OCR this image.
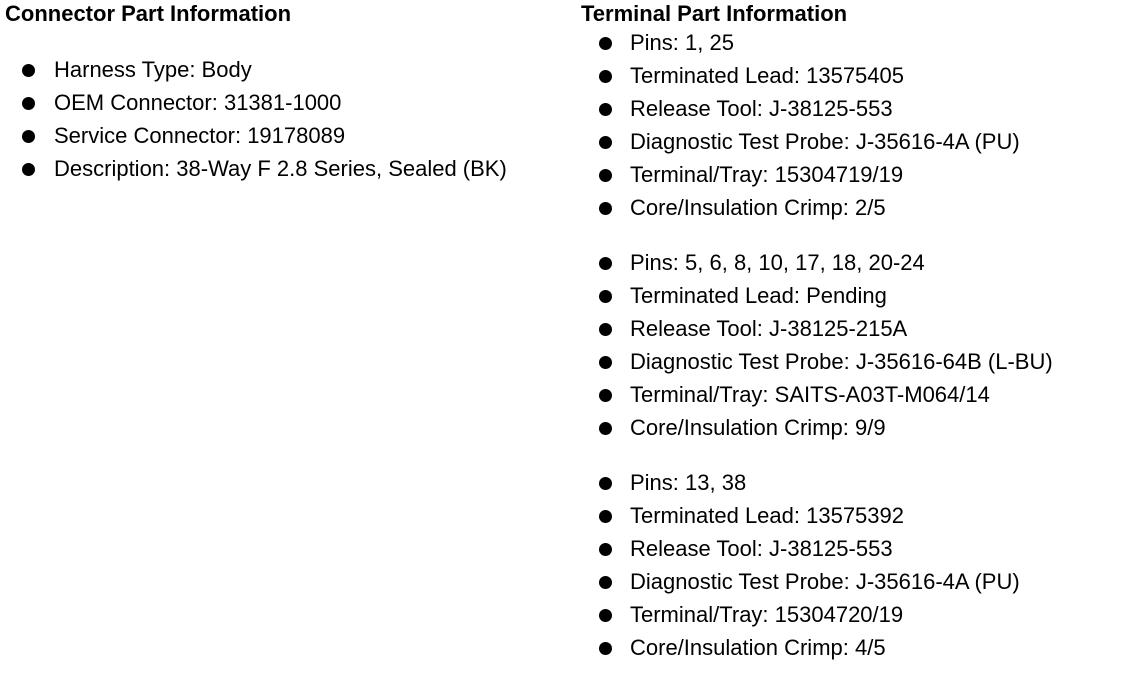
Connector Part Information
Harness Type: Body
OEM Connector: 31381-1000
Service Connector: 19178089
Description: 38-Way F 2.8 Series, Sealed (BK)
Terminal Part Information
Pins: 1, 25
Terminated Lead: 13575405
Release Tool: J-38125-553
Diagnostic Test Probe: J-35616-4A (PU)
Terminal/Tray: 15304719/19
Core/Insulation Crimp: 2/5
Pins: 5, 6, 8, 10, 17, 18, 20-24
Terminated Lead: Pending
Release Tool: J-38125-215A
Diagnostic Test Probe: J-35616-64B (L-BU)
Terminal/Tray: SAITS-A03T-M064/14
Core/Insulation Crimp: 9/9
Pins: 13, 38
Terminated Lead: 13575392
Release Tool: J-38125-553
Diagnostic Test Probe: J-35616-4A (PU)
Terminal/Tray: 15304720/19
Core/Insulation Crimp: 4/5
